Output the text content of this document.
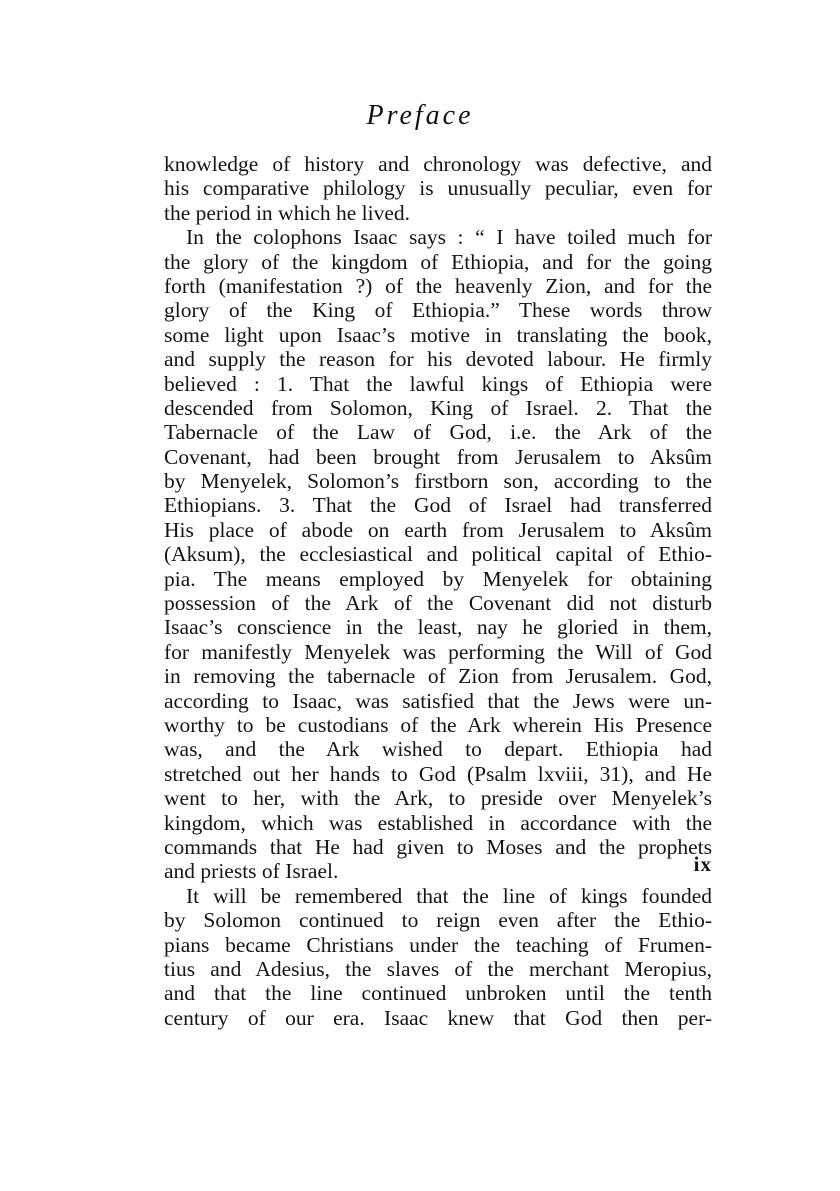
Preface
knowledge of history and chronology was defective, and
his comparative philology is unusually peculiar, even for
the period in which he lived.
In the colophons Isaac says : “ I have toiled much for
the glory of the kingdom of Ethiopia, and for the going
forth (manifestation ?) of the heavenly Zion, and for the
glory of the King of Ethiopia.” These words throw
some light upon Isaac’s motive in translating the book,
and supply the reason for his devoted labour. He firmly
believed : 1. That the lawful kings of Ethiopia were
descended from Solomon, King of Israel. 2. That the
Tabernacle of the Law of God, i.e. the Ark of the
Covenant, had been brought from Jerusalem to Aksûm
by Menyelek, Solomon’s firstborn son, according to the
Ethiopians. 3. That the God of Israel had transferred
His place of abode on earth from Jerusalem to Aksûm
(Aksum), the ecclesiastical and political capital of Ethio-
pia. The means employed by Menyelek for obtaining
possession of the Ark of the Covenant did not disturb
Isaac’s conscience in the least, nay he gloried in them,
for manifestly Menyelek was performing the Will of God
in removing the tabernacle of Zion from Jerusalem. God,
according to Isaac, was satisfied that the Jews were un-
worthy to be custodians of the Ark wherein His Presence
was, and the Ark wished to depart. Ethiopia had
stretched out her hands to God (Psalm lxviii, 31), and He
went to her, with the Ark, to preside over Menyelek’s
kingdom, which was established in accordance with the
commands that He had given to Moses and the prophets
and priests of Israel.
It will be remembered that the line of kings founded
by Solomon continued to reign even after the Ethio-
pians became Christians under the teaching of Frumen-
tius and Adesius, the slaves of the merchant Meropius,
and that the line continued unbroken until the tenth
century of our era. Isaac knew that God then per-
ix
